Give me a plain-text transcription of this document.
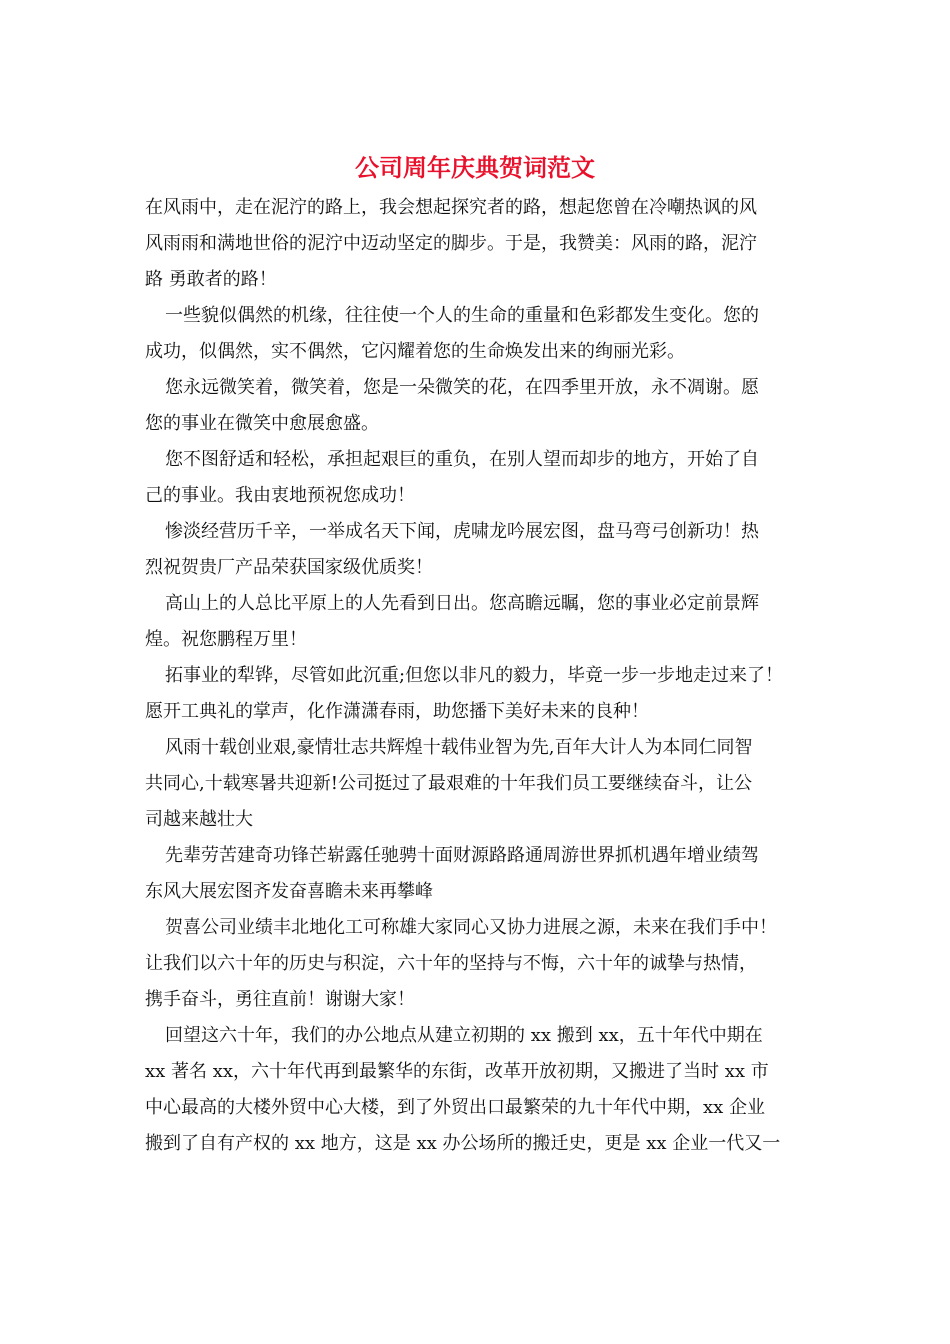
公司周年庆典贺词范文

在风雨中，走在泥泞的路上，我会想起探究者的路，想起您曾在冷嘲热讽的风
风雨雨和满地世俗的泥泞中迈动坚定的脚步。于是，我赞美：风雨的路，泥泞
路 勇敢者的路！

一些貌似偶然的机缘，往往使一个人的生命的重量和色彩都发生变化。您的
成功，似偶然，实不偶然，它闪耀着您的生命焕发出来的绚丽光彩。

您永远微笑着，微笑着，您是一朵微笑的花，在四季里开放，永不凋谢。愿
您的事业在微笑中愈展愈盛。

您不图舒适和轻松，承担起艰巨的重负，在别人望而却步的地方，开始了自
己的事业。我由衷地预祝您成功！

惨淡经营历千辛，一举成名天下闻，虎啸龙吟展宏图，盘马弯弓创新功！热
烈祝贺贵厂产品荣获国家级优质奖！

高山上的人总比平原上的人先看到日出。您高瞻远瞩，您的事业必定前景辉
煌。祝您鹏程万里！

拓事业的犁铧，尽管如此沉重;但您以非凡的毅力，毕竟一步一步地走过来了！
愿开工典礼的掌声，化作潇潇春雨，助您播下美好未来的良种！

风雨十载创业艰,豪情壮志共辉煌十载伟业智为先,百年大计人为本同仁同智
共同心,十载寒暑共迎新!公司挺过了最艰难的十年我们员工要继续奋斗，让公
司越来越壮大

先辈劳苦建奇功锋芒崭露任驰骋十面财源路路通周游世界抓机遇年增业绩驾
东风大展宏图齐发奋喜瞻未来再攀峰

贺喜公司业绩丰北地化工可称雄大家同心又协力进展之源，未来在我们手中！
让我们以六十年的历史与积淀，六十年的坚持与不悔，六十年的诚挚与热情，
携手奋斗，勇往直前！谢谢大家！

回望这六十年，我们的办公地点从建立初期的 xx 搬到 xx，五十年代中期在
xx 著名 xx，六十年代再到最繁华的东街，改革开放初期，又搬进了当时 xx 市
中心最高的大楼外贸中心大楼，到了外贸出口最繁荣的九十年代中期，xx 企业
搬到了自有产权的 xx 地方，这是 xx 办公场所的搬迁史，更是 xx 企业一代又一
